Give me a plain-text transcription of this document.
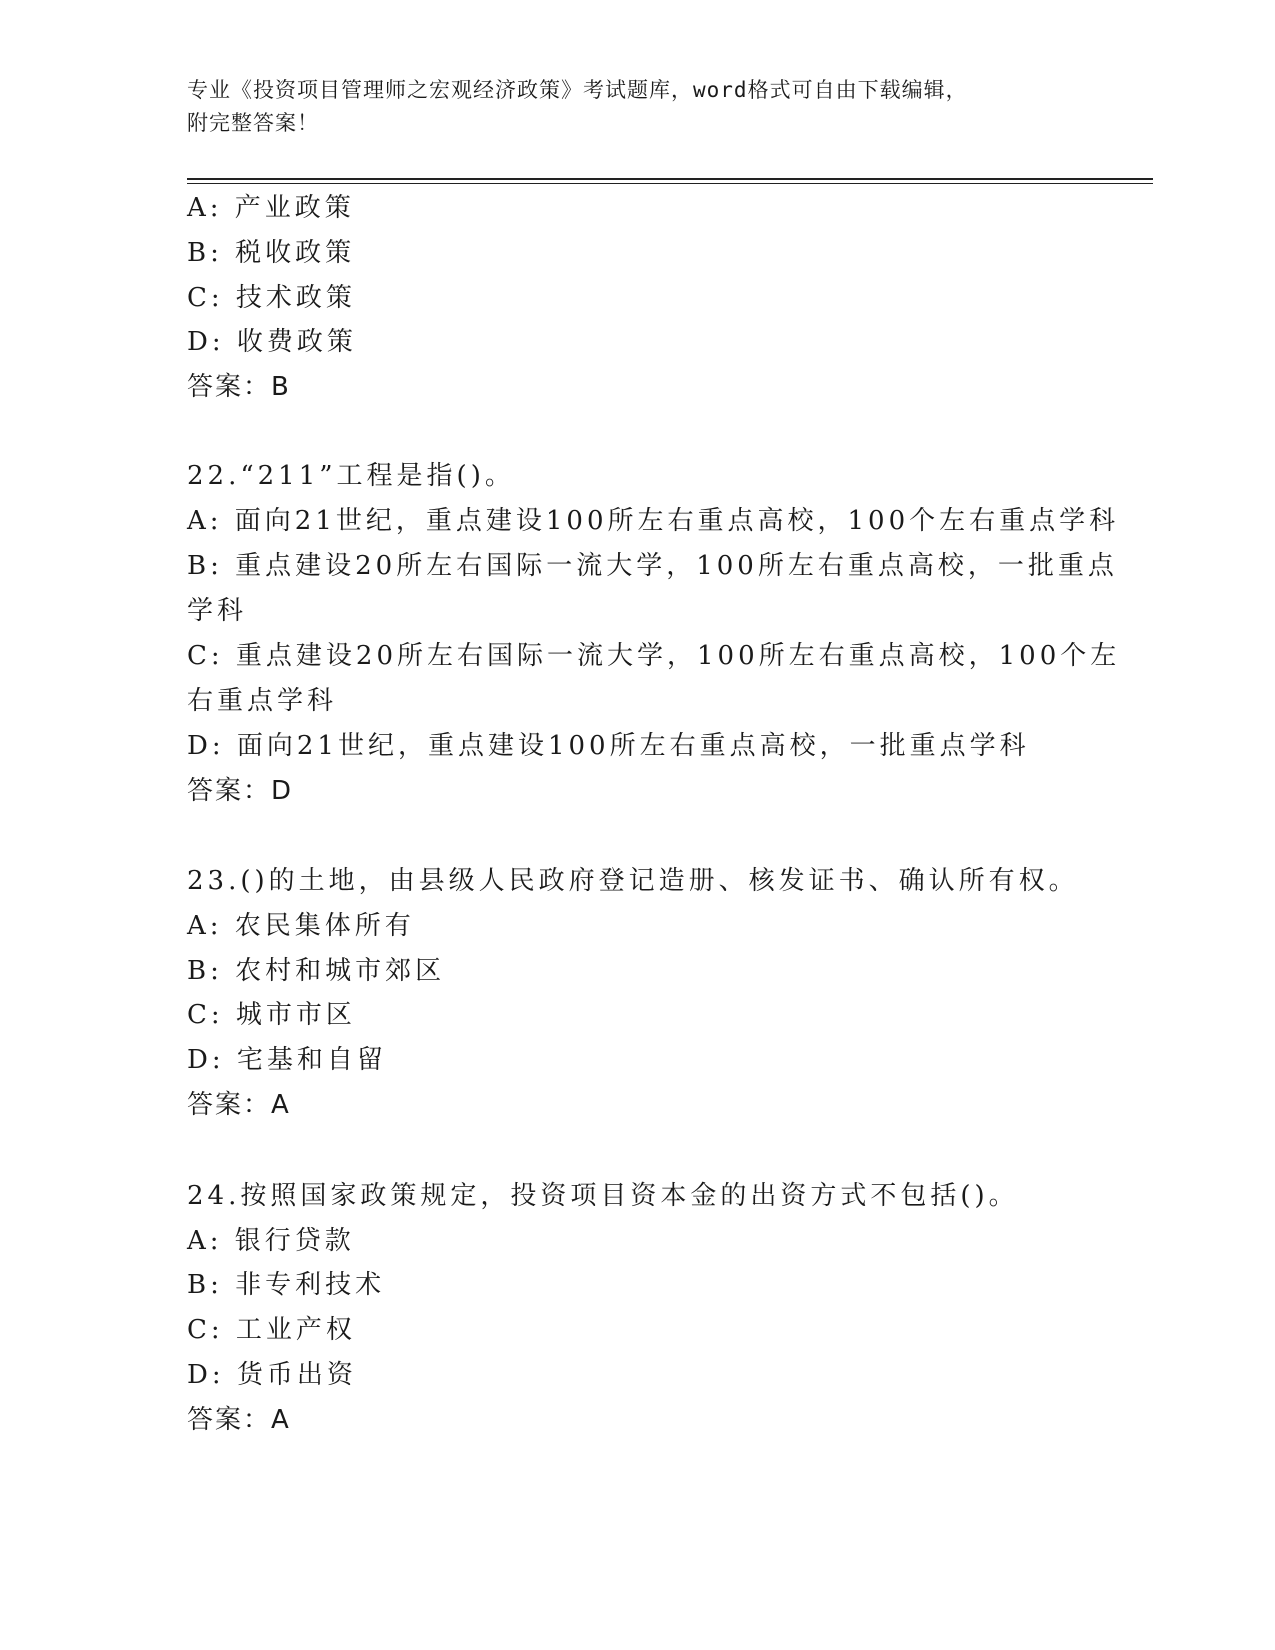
专业《投资项目管理师之宏观经济政策》考试题库，word格式可自由下载编辑，
附完整答案！
A: 产业政策
B: 税收政策
C: 技术政策
D: 收费政策
答案：B
22.“211”工程是指()。
A: 面向21世纪，重点建设100所左右重点高校，100个左右重点学科
B: 重点建设20所左右国际一流大学，100所左右重点高校，一批重点
学科
C: 重点建设20所左右国际一流大学，100所左右重点高校，100个左
右重点学科
D: 面向21世纪，重点建设100所左右重点高校，一批重点学科
答案：D
23.()的土地，由县级人民政府登记造册、核发证书、确认所有权。
A: 农民集体所有
B: 农村和城市郊区
C: 城市市区
D: 宅基和自留
答案：A
24.按照国家政策规定，投资项目资本金的出资方式不包括()。
A: 银行贷款
B: 非专利技术
C: 工业产权
D: 货币出资
答案：A
